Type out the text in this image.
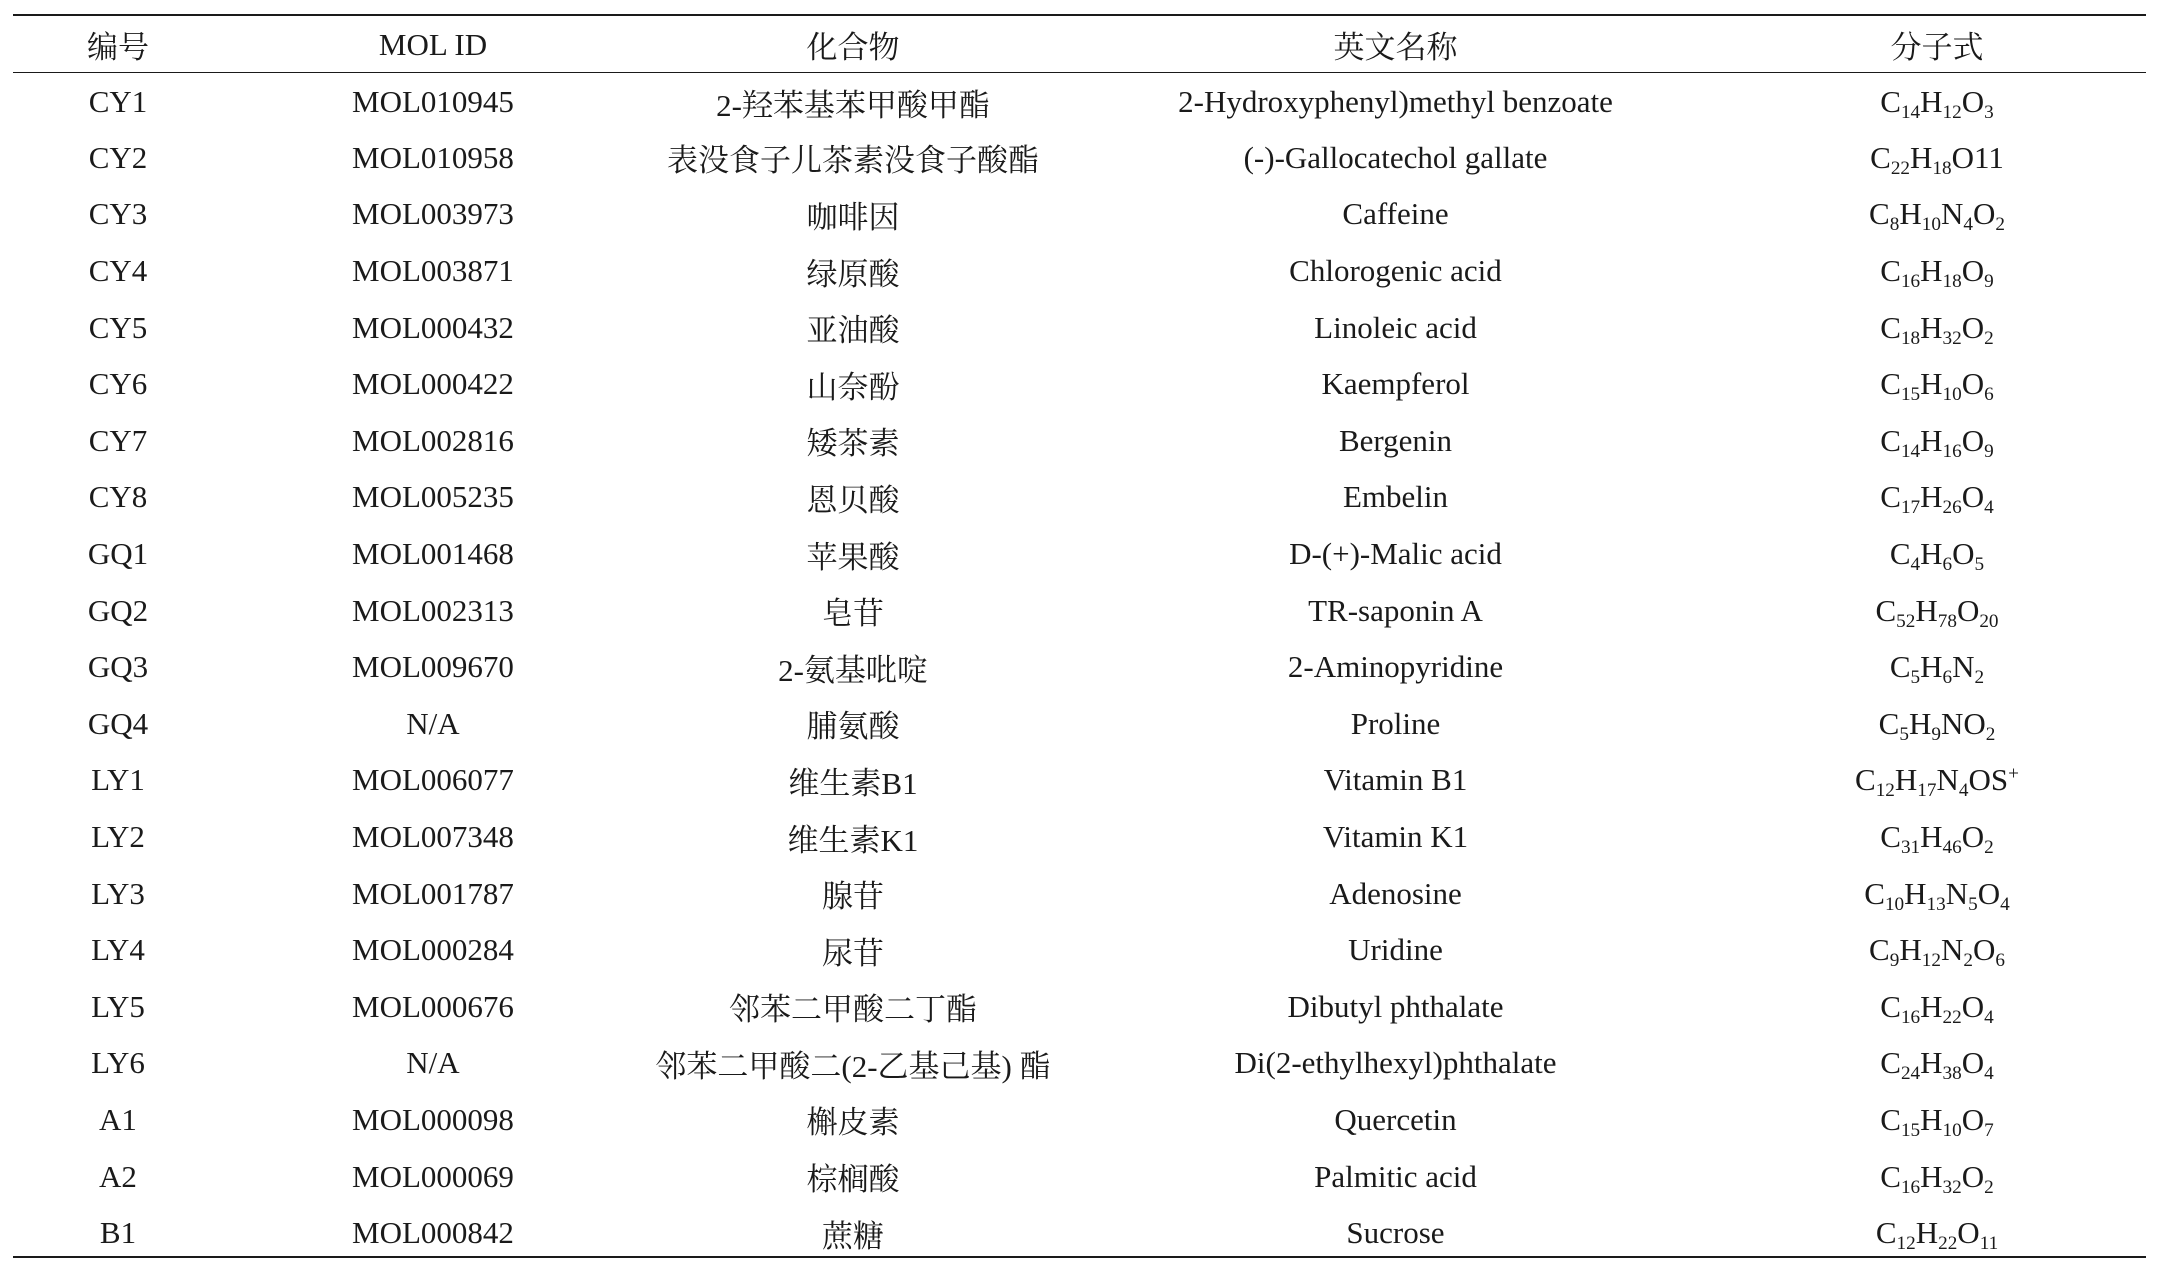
编号	MOL ID	化合物	英文名称	分子式
CY1	MOL010945	2-羟苯基苯甲酸甲酯	2-Hydroxyphenyl)methyl benzoate	$C_{14}H_{12}O_3$
CY2	MOL010958	表没食子儿茶素没食子酸酯	(-)-Gallocatechol gallate	$C_{22}H_{18}O11$
CY3	MOL003973	咖啡因	Caffeine	$C_8H_{10}N_4O_2$
CY4	MOL003871	绿原酸	Chlorogenic acid	$C_{16}H_{18}O_9$
CY5	MOL000432	亚油酸	Linoleic acid	$C_{18}H_{32}O_2$
CY6	MOL000422	山奈酚	Kaempferol	$C_{15}H_{10}O_6$
CY7	MOL002816	矮茶素	Bergenin	$C_{14}H_{16}O_9$
CY8	MOL005235	恩贝酸	Embelin	$C_{17}H_{26}O_4$
GQ1	MOL001468	苹果酸	D-(+)-Malic acid	$C_4H_6O_5$
GQ2	MOL002313	皂苷	TR-saponin A	$C_{52}H_{78}O_{20}$
GQ3	MOL009670	2-氨基吡啶	2-Aminopyridine	$C_5H_6N_2$
GQ4	N/A	脯氨酸	Proline	$C_5H_9NO_2$
LY1	MOL006077	维生素B1	Vitamin B1	$C_{12}H_{17}N_4OS^+$
LY2	MOL007348	维生素K1	Vitamin K1	$C_{31}H_{46}O_2$
LY3	MOL001787	腺苷	Adenosine	$C_{10}H_{13}N_5O_4$
LY4	MOL000284	尿苷	Uridine	$C_9H_{12}N_2O_6$
LY5	MOL000676	邻苯二甲酸二丁酯	Dibutyl phthalate	$C_{16}H_{22}O_4$
LY6	N/A	邻苯二甲酸二(2-乙基己基) 酯	Di(2-ethylhexyl)phthalate	$C_{24}H_{38}O_4$
A1	MOL000098	槲皮素	Quercetin	$C_{15}H_{10}O_7$
A2	MOL000069	棕榈酸	Palmitic acid	$C_{16}H_{32}O_2$
B1	MOL000842	蔗糖	Sucrose	$C_{12}H_{22}O_{11}$
